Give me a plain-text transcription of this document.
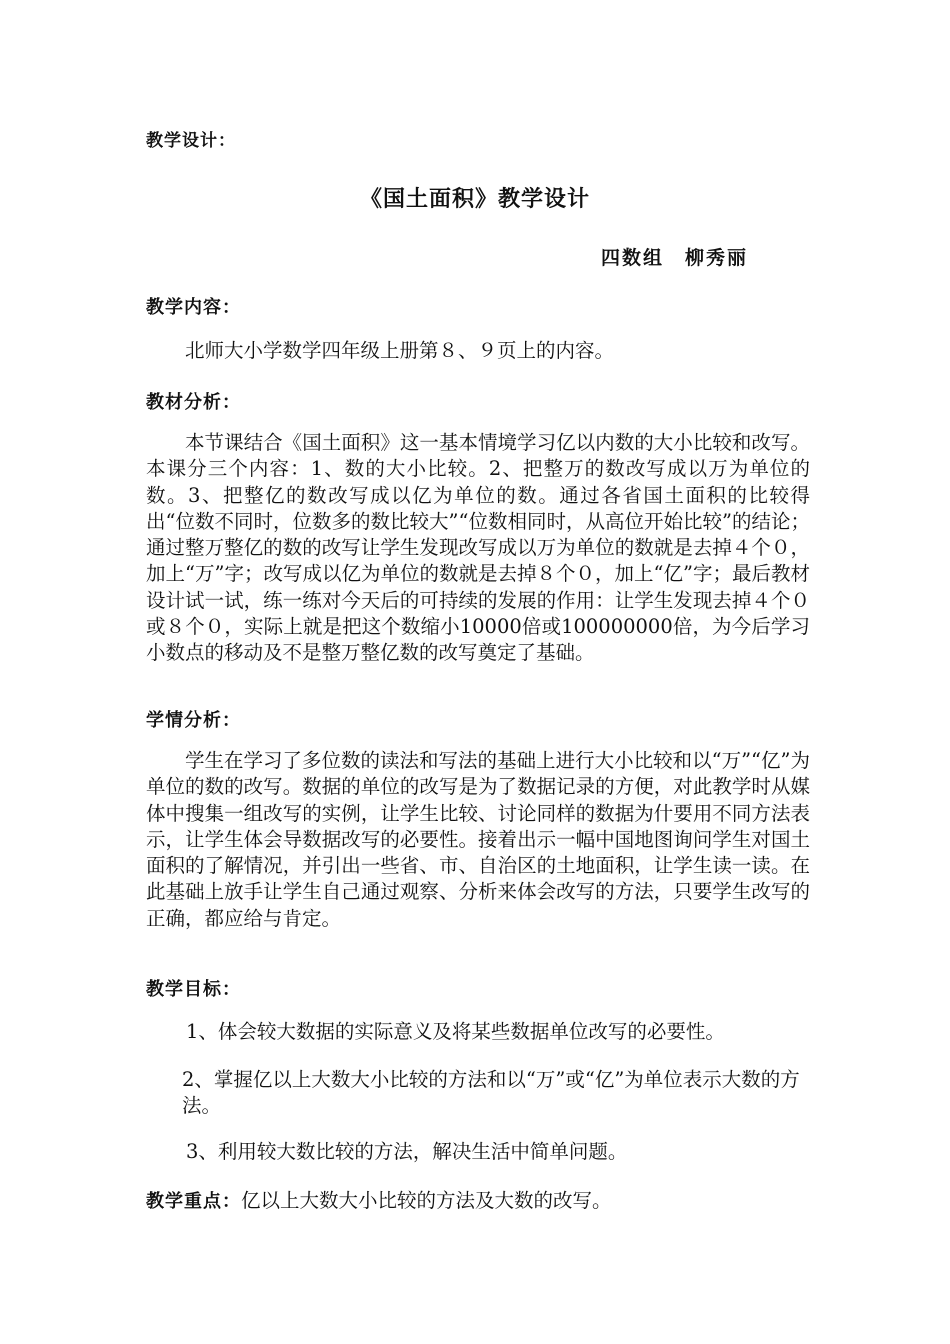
教学设计：
《国土面积》教学设计
四数组　柳秀丽
教学内容：
北师大小学数学四年级上册第８、９页上的内容。
教材分析：
本节课结合《国土面积》这一基本情境学习亿以内数的大小比较和改写。本课分三个内容：1、数的大小比较。2、把整万的数改写成以万为单位的数。3、把整亿的数改写成以亿为单位的数。通过各省国土面积的比较得出“位数不同时，位数多的数比较大”“位数相同时，从高位开始比较”的结论；通过整万整亿的数的改写让学生发现改写成以万为单位的数就是去掉４个０，加上“万”字；改写成以亿为单位的数就是去掉８个０，加上“亿”字；最后教材设计试一试，练一练对今天后的可持续的发展的作用：让学生发现去掉４个０或８个０，实际上就是把这个数缩小10000倍或100000000倍，为今后学习小数点的移动及不是整万整亿数的改写奠定了基础。
学情分析：
学生在学习了多位数的读法和写法的基础上进行大小比较和以“万”“亿”为单位的数的改写。数据的单位的改写是为了数据记录的方便，对此教学时从媒体中搜集一组改写的实例，让学生比较、讨论同样的数据为什要用不同方法表示，让学生体会导数据改写的必要性。接着出示一幅中国地图询问学生对国土面积的了解情况，并引出一些省、市、自治区的土地面积，让学生读一读。在此基础上放手让学生自己通过观察、分析来体会改写的方法，只要学生改写的正确，都应给与肯定。
教学目标：
1、体会较大数据的实际意义及将某些数据单位改写的必要性。
2、掌握亿以上大数大小比较的方法和以“万”或“亿”为单位表示大数的方法。
3、利用较大数比较的方法，解决生活中简单问题。
教学重点：亿以上大数大小比较的方法及大数的改写。
